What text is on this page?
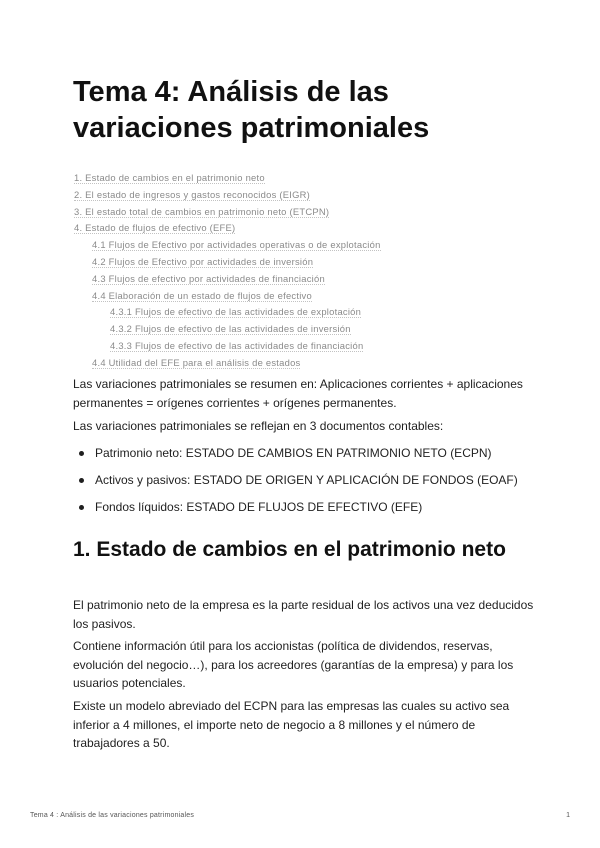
Tema 4: Análisis de las variaciones patrimoniales
1. Estado de cambios en el patrimonio neto
2. El estado de ingresos y gastos reconocidos (EIGR)
3. El estado total de cambios en patrimonio neto (ETCPN)
4. Estado de flujos de efectivo (EFE)
4.1 Flujos de Efectivo por actividades operativas o de explotación
4.2 Flujos de Efectivo por actividades de inversión
4.3 Flujos de efectivo por actividades de financiación
4.4 Elaboración de un estado de flujos de efectivo
4.3.1 Flujos de efectivo de las actividades de explotación
4.3.2 Flujos de efectivo de las actividades de inversión
4.3.3 Flujos de efectivo de las actividades de financiación
4.4 Utilidad del EFE para el análisis de estados

Las variaciones patrimoniales se resumen en: Aplicaciones corrientes + aplicaciones permanentes = orígenes corrientes + orígenes permanentes.

Las variaciones patrimoniales se reflejan en 3 documentos contables:

Patrimonio neto: ESTADO DE CAMBIOS EN PATRIMONIO NETO (ECPN)
Activos y pasivos: ESTADO DE ORIGEN Y APLICACIÓN DE FONDOS (EOAF)
Fondos líquidos: ESTADO DE FLUJOS DE EFECTIVO (EFE)
1. Estado de cambios en el patrimonio neto

El patrimonio neto de la empresa es la parte residual de los activos una vez deducidos los pasivos.

Contiene información útil para los accionistas (política de dividendos, reservas, evolución del negocio…), para los acreedores (garantías de la empresa) y para los usuarios potenciales.

Existe un modelo abreviado del ECPN para las empresas las cuales su activo sea inferior a 4 millones, el importe neto de negocio a 8 millones y el número de trabajadores a 50.

Tema 4 : Análisis de las variaciones patrimoniales	1
